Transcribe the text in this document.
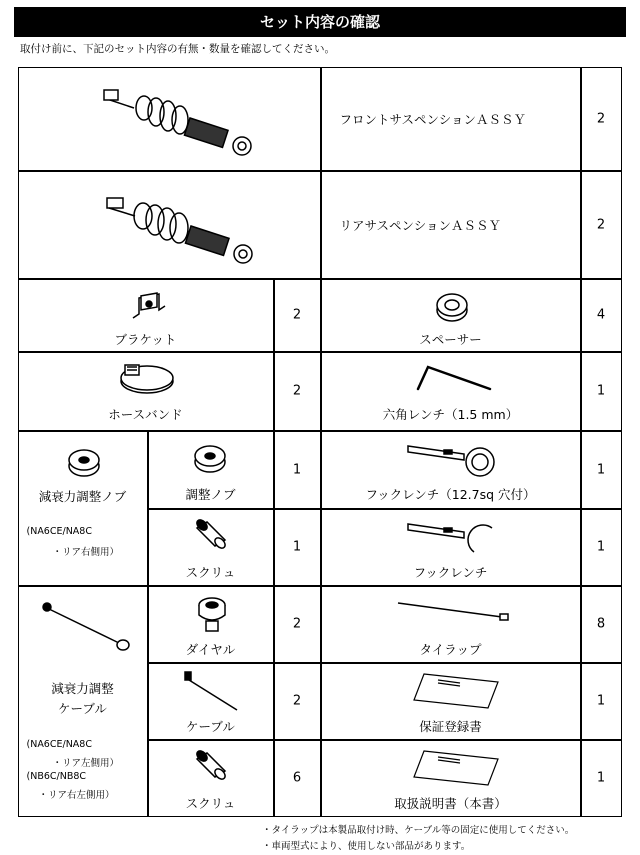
セット内容の確認
取付け前に、下記のセット内容の有無・数量を確認してください。
フロントサスペンションＡＳＳＹ	2
リアサスペンションＡＳＳＹ	2
ブラケット
2
スペーサー
4
ホースバンド
2
六角レンチ（1.5 mm）
1
減衰力調整ノブ
(NA6CE/NA8C
・リア右側用）
調整ノブ
1
フックレンチ（12.7sq 穴付）
1
スクリュ
1
フックレンチ
1
減衰力調整
ケーブル
(NA6CE/NA8C
・リア左側用）
(NB6C/NB8C
・リア右左側用）
ダイヤル
2
タイラップ
8
ケーブル
2
保証登録書
1
スクリュ
6
取扱説明書（本書）
1
・タイラップは本製品取付け時、ケーブル等の固定に使用してください。
・車両型式により、使用しない部品があります。
